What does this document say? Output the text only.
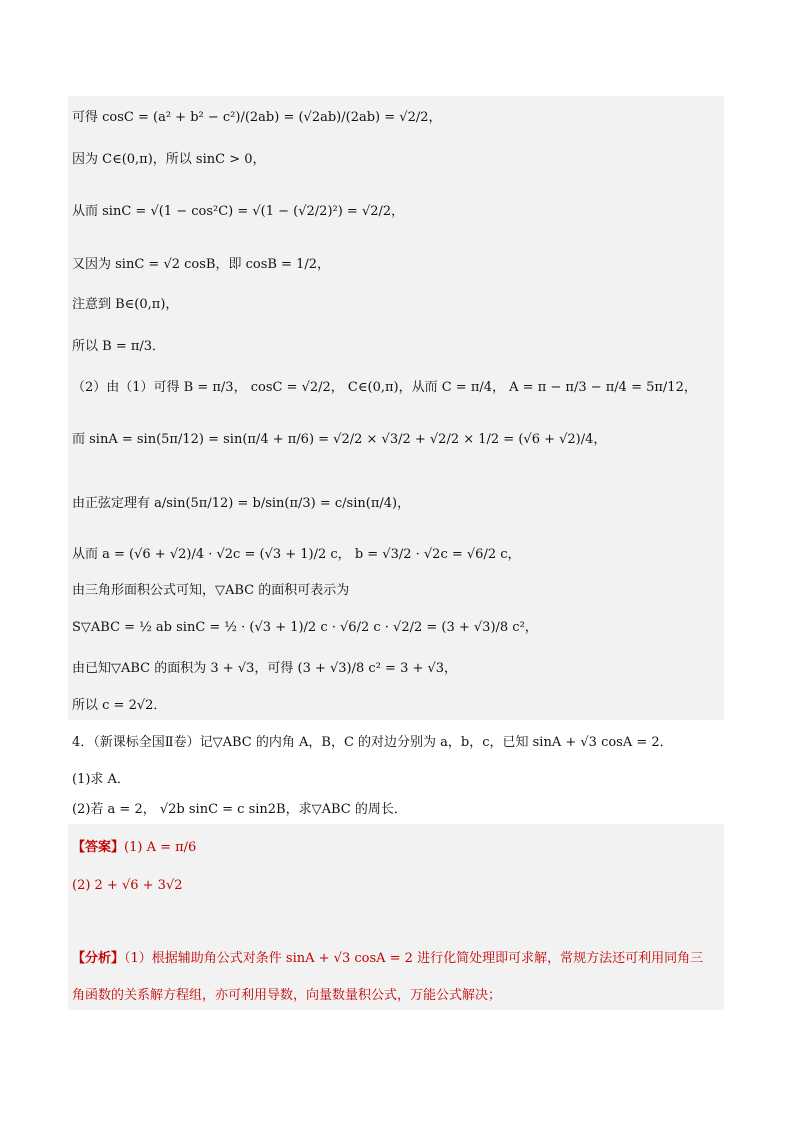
可得 cosC = (a² + b² − c²)/(2ab) = (√2ab)/(2ab) = √2/2，
因为 C∈(0,π)，所以 sinC > 0，
从而 sinC = √(1 − cos²C) = √(1 − (√2/2)²) = √2/2，
又因为 sinC = √2 cosB，即 cosB = 1/2，
注意到 B∈(0,π)，
所以 B = π/3．
（2）由（1）可得 B = π/3， cosC = √2/2， C∈(0,π)，从而 C = π/4， A = π − π/3 − π/4 = 5π/12，
而 sinA = sin(5π/12) = sin(π/4 + π/6) = √2/2 × √3/2 + √2/2 × 1/2 = (√6 + √2)/4，
由正弦定理有 a/sin(5π/12) = b/sin(π/3) = c/sin(π/4)，
从而 a = (√6 + √2)/4 · √2c = (√3 + 1)/2 c， b = √3/2 · √2c = √6/2 c，
由三角形面积公式可知，▽ABC 的面积可表示为
S▽ABC = ½ ab sinC = ½ · (√3 + 1)/2 c · √6/2 c · √2/2 = (3 + √3)/8 c²，
由已知▽ABC 的面积为 3 + √3，可得 (3 + √3)/8 c² = 3 + √3，
所以 c = 2√2．
4．（新课标全国Ⅱ卷）记▽ABC 的内角 A，B，C 的对边分别为 a，b，c，已知 sinA + √3 cosA = 2．
(1)求 A．
(2)若 a = 2， √2b sinC = c sin2B，求▽ABC 的周长．
【答案】(1) A = π/6
(2) 2 + √6 + 3√2
【分析】（1）根据辅助角公式对条件 sinA + √3 cosA = 2 进行化简处理即可求解，常规方法还可利用同角三
角函数的关系解方程组，亦可利用导数，向量数量积公式，万能公式解决；
